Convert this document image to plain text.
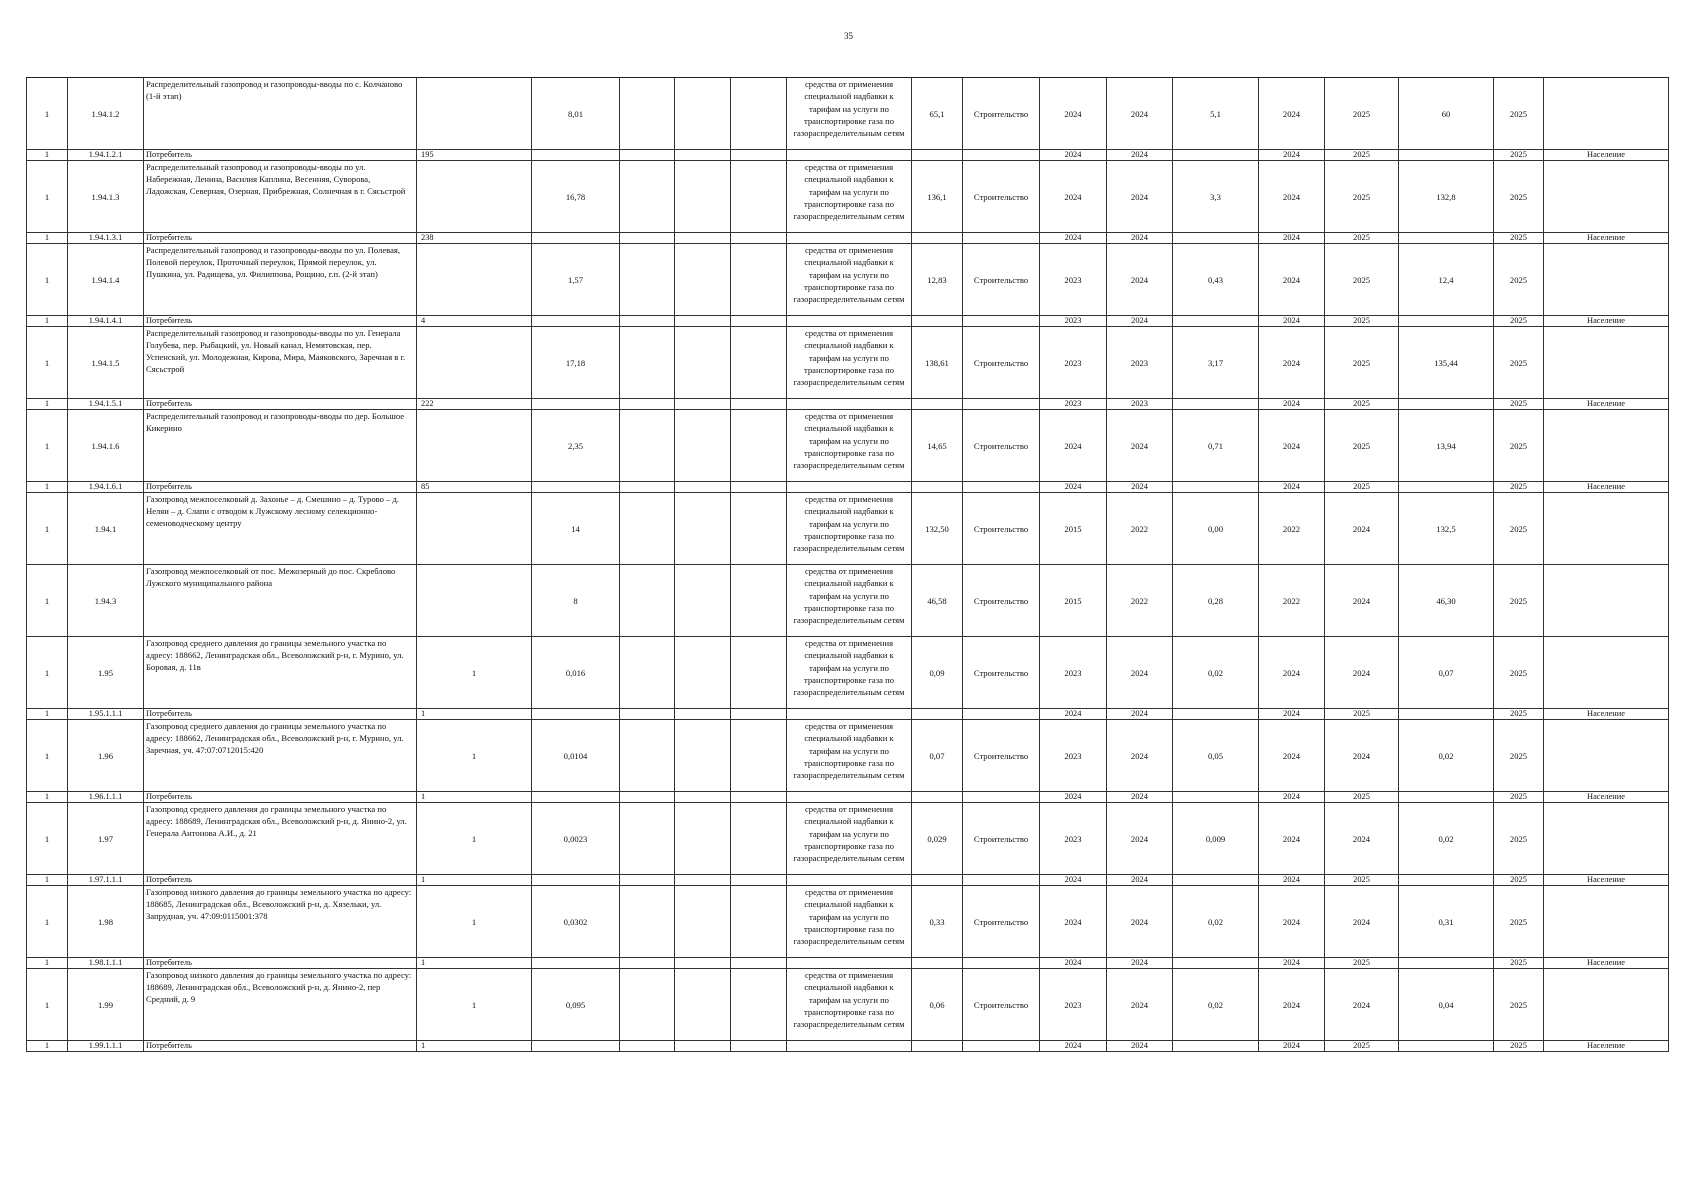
35
1	1.94.1.2	Распределительный газопровод и газопроводы-вводы по с. Колчаново (1-й этап)		8,01				средства от применения специальной надбавки к тарифам на услуги по транспортировке газа по газораспределительным сетям	65,1	Строительство	2024	2024	5,1	2024	2025	60	2025	
1	1.94.1.2.1	Потребитель	195								2024	2024		2024	2025		2025	Население
1	1.94.1.3	Распределительный газопровод и газопроводы-вводы по ул. Набережная, Ленина, Василия Каплина, Весенняя, Суворова, Ладожская, Северная, Озерная, Прибрежная, Солнечная в г. Сясьстрой		16,78				средства от применения специальной надбавки к тарифам на услуги по транспортировке газа по газораспределительным сетям	136,1	Строительство	2024	2024	3,3	2024	2025	132,8	2025	
1	1.94.1.3.1	Потребитель	238								2024	2024		2024	2025		2025	Население
1	1.94.1.4	Распределительный газопровод и газопроводы-вводы по ул. Полевая, Полевой переулок, Проточный переулок, Прямой переулок, ул. Пушкина, ул. Радищева, ул. Филиппова, Рощино, г.п. (2-й этап)		1,57				средства от применения специальной надбавки к тарифам на услуги по транспортировке газа по газораспределительным сетям	12,83	Строительство	2023	2024	0,43	2024	2025	12,4	2025	
1	1.94.1.4.1	Потребитель	4								2023	2024		2024	2025		2025	Население
1	1.94.1.5	Распределительный газопровод и газопроводы-вводы по ул. Генерала Голубева, пер. Рыбацкий, ул. Новый канал, Немятовская, пер. Успенский, ул. Молодежная, Кирова, Мира, Маяковского, Заречная в г. Сясьстрой		17,18				средства от применения специальной надбавки к тарифам на услуги по транспортировке газа по газораспределительным сетям	138,61	Строительство	2023	2023	3,17	2024	2025	135,44	2025	
1	1.94.1.5.1	Потребитель	222								2023	2023		2024	2025		2025	Население
1	1.94.1.6	Распределительный газопровод и газопроводы-вводы по дер. Большое Кикерино		2,35				средства от применения специальной надбавки к тарифам на услуги по транспортировке газа по газораспределительным сетям	14,65	Строительство	2024	2024	0,71	2024	2025	13,94	2025	
1	1.94.1.6.1	Потребитель	85								2024	2024		2024	2025		2025	Население
1	1.94.1	Газопровод межпоселковый д. Захонье – д. Смешино – д. Турово – д. Неляи – д. Слапи с отводом к Лужскому лесному селекционно-семеноводческому центру		14				средства от применения специальной надбавки к тарифам на услуги по транспортировке газа по газораспределительным сетям	132,50	Строительство	2015	2022	0,00	2022	2024	132,5	2025	
1	1.94.3	Газопровод межпоселковый от пос. Межозерный до пос. Скреблово Лужского муниципального района		8				средства от применения специальной надбавки к тарифам на услуги по транспортировке газа по газораспределительным сетям	46,58	Строительство	2015	2022	0,28	2022	2024	46,30	2025	
1	1.95	Газопровод среднего давления до границы земельного участка по адресу: 188662, Ленинградская обл., Всеволожский р-н, г. Мурино, ул. Боровая, д. 11в	1	0,016				средства от применения специальной надбавки к тарифам на услуги по транспортировке газа по газораспределительным сетям	0,09	Строительство	2023	2024	0,02	2024	2024	0,07	2025	
1	1.95.1.1.1	Потребитель	1								2024	2024		2024	2025		2025	Население
1	1.96	Газопровод среднего давления до границы земельного участка по адресу: 188662, Ленинградская обл., Всеволожский р-н, г. Мурино, ул. Заречная, уч. 47:07:0712015:420	1	0,0104				средства от применения специальной надбавки к тарифам на услуги по транспортировке газа по газораспределительным сетям	0,07	Строительство	2023	2024	0,05	2024	2024	0,02	2025	
1	1.96.1.1.1	Потребитель	1								2024	2024		2024	2025		2025	Население
1	1.97	Газопровод среднего давления до границы земельного участка по адресу: 188689, Ленинградская обл., Всеволожский р-н, д. Янино-2, ул. Генерала Антонова А.И., д. 21	1	0,0023				средства от применения специальной надбавки к тарифам на услуги по транспортировке газа по газораспределительным сетям	0,029	Строительство	2023	2024	0,009	2024	2024	0,02	2025	
1	1.97.1.1.1	Потребитель	1								2024	2024		2024	2025		2025	Население
1	1.98	Газопровод низкого давления до границы земельного участка по адресу: 188685, Ленинградская обл., Всеволожский р-н, д. Хязельки, ул. Запрудная, уч. 47:09:0115001:378	1	0,0302				средства от применения специальной надбавки к тарифам на услуги по транспортировке газа по газораспределительным сетям	0,33	Строительство	2024	2024	0,02	2024	2024	0,31	2025	
1	1.98.1.1.1	Потребитель	1								2024	2024		2024	2025		2025	Население
1	1.99	Газопровод низкого давления до границы земельного участка по адресу: 188689, Ленинградская обл., Всеволожский р-н, д. Янино-2, пер Средний, д. 9	1	0,095				средства от применения специальной надбавки к тарифам на услуги по транспортировке газа по газораспределительным сетям	0,06	Строительство	2023	2024	0,02	2024	2024	0,04	2025	
1	1.99.1.1.1	Потребитель	1								2024	2024		2024	2025		2025	Население
